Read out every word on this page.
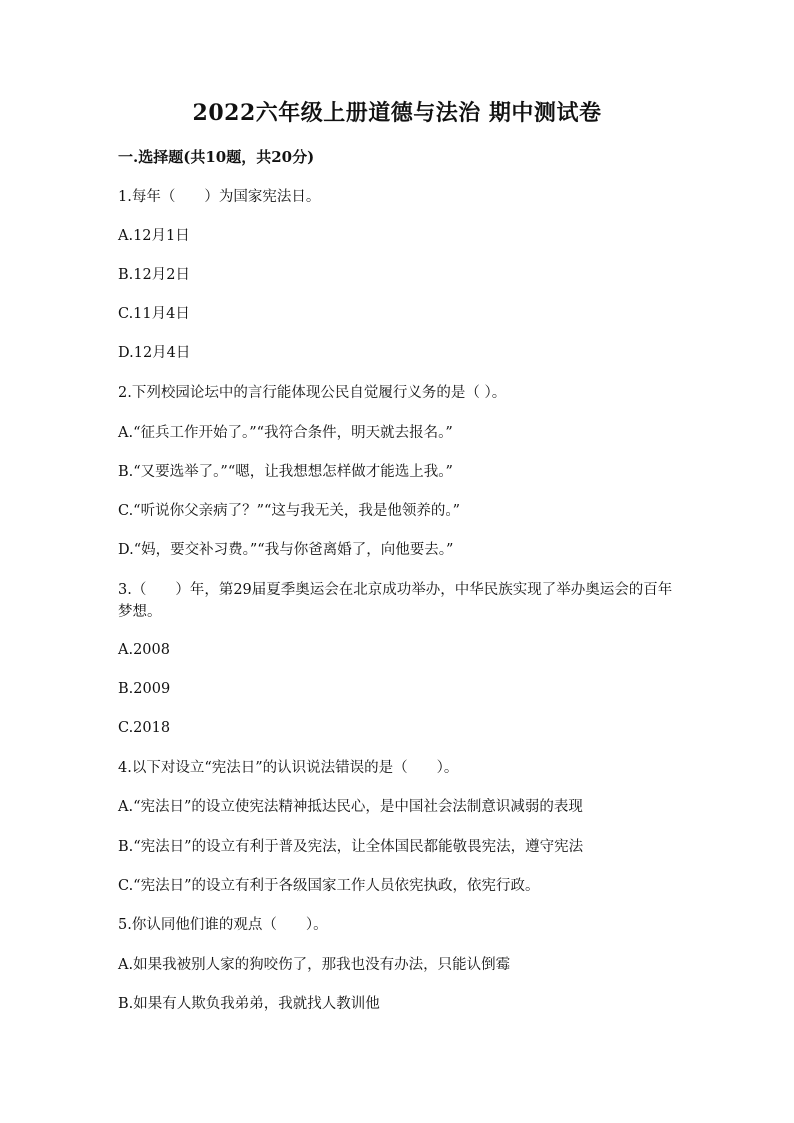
2022六年级上册道德与法治 期中测试卷
一.选择题(共10题，共20分)
1.每年（　　）为国家宪法日。
A.12月1日
B.12月2日
C.11月4日
D.12月4日
2.下列校园论坛中的言行能体现公民自觉履行义务的是（ ）。
A.“征兵工作开始了。”“我符合条件，明天就去报名。”
B.“又要选举了。”“嗯，让我想想怎样做才能选上我。”
C.“听说你父亲病了？”“这与我无关，我是他领养的。”
D.“妈，要交补习费。”“我与你爸离婚了，向他要去。”
3.（　　）年，第29届夏季奥运会在北京成功举办，中华民族实现了举办奥运会的百年梦想。
A.2008
B.2009
C.2018
4.以下对设立“宪法日”的认识说法错误的是（　　）。
A.“宪法日”的设立使宪法精神抵达民心，是中国社会法制意识减弱的表现
B.“宪法日”的设立有利于普及宪法，让全体国民都能敬畏宪法，遵守宪法
C.“宪法日”的设立有利于各级国家工作人员依宪执政，依宪行政。
5.你认同他们谁的观点（　　）。
A.如果我被别人家的狗咬伤了，那我也没有办法，只能认倒霉
B.如果有人欺负我弟弟，我就找人教训他
